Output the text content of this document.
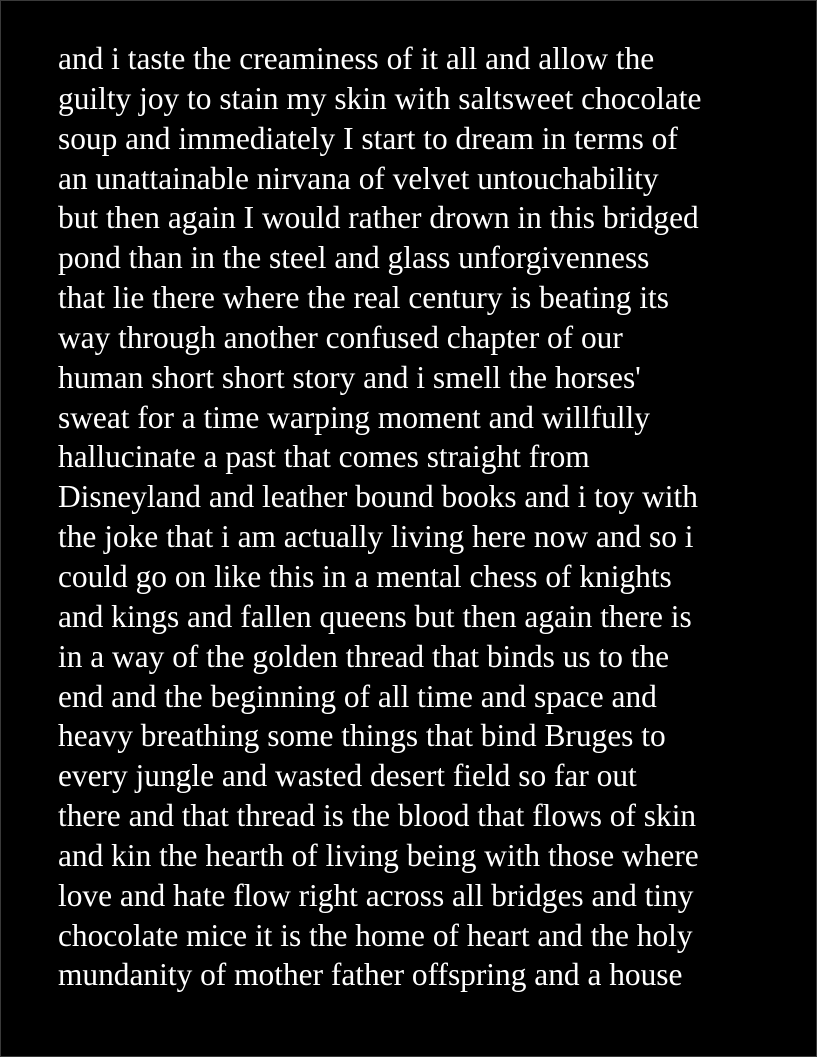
and i taste the creaminess of it all and allow the
guilty joy to stain my skin with saltsweet chocolate
soup and immediately I start to dream in terms of
an unattainable nirvana of velvet untouchability
but then again I would rather drown in this bridged
pond than in the steel and glass unforgivenness
that lie there where the real century is beating its
way through another confused chapter of our
human short short story and i smell the horses'
sweat for a time warping moment and willfully
hallucinate a past that comes straight from
Disneyland and leather bound books and i toy with
the joke that i am actually living here now and so i
could go on like this in a mental chess of knights
and kings and fallen queens but then again there is
in a way of the golden thread that binds us to the
end and the beginning of all time and space and
heavy breathing some things that bind Bruges to
every jungle and wasted desert field so far out
there and that thread is the blood that flows of skin
and kin the hearth of living being with those where
love and hate flow right across all bridges and tiny
chocolate mice it is the home of heart and the holy
mundanity of mother father offspring and a house
